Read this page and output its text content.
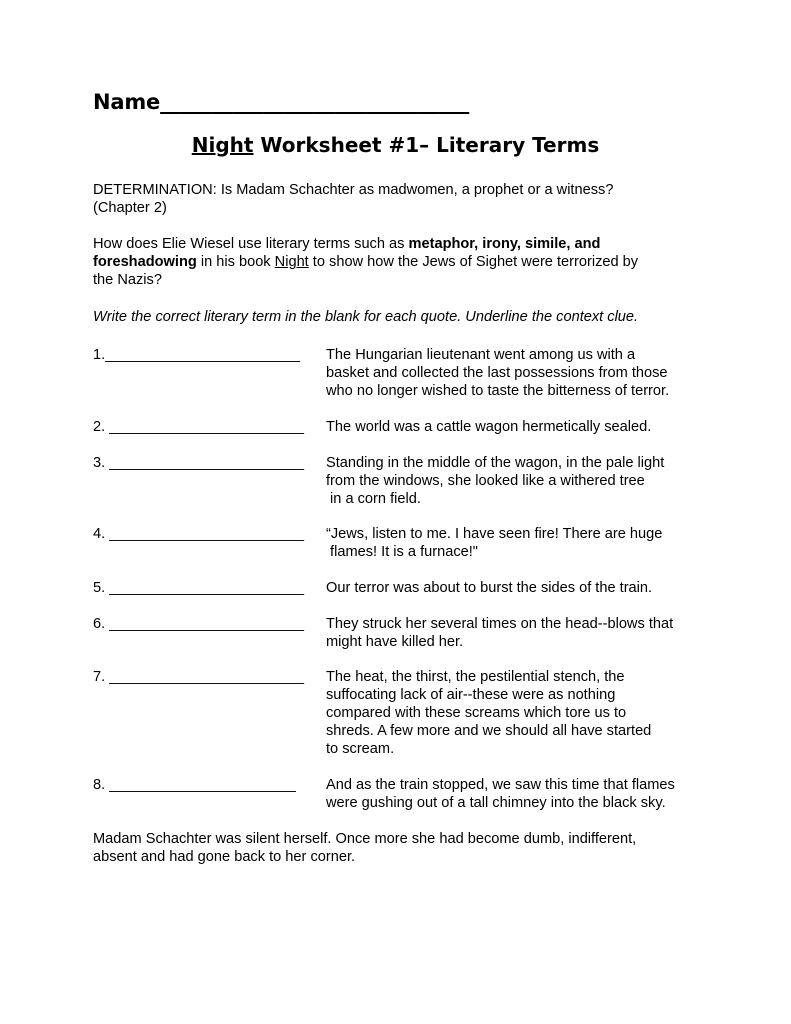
Name______________________________
Night Worksheet #1– Literary Terms
DETERMINATION: Is Madam Schachter as madwomen, a prophet or a witness?
(Chapter 2)
How does Elie Wiesel use literary terms such as metaphor, irony, simile, and
foreshadowing in his book Night to show how the Jews of Sighet were terrorized by
the Nazis?
Write the correct literary term in the blank for each quote. Underline the context clue.
1.________________________ The Hungarian lieutenant went among us with a
basket and collected the last possessions from those
who no longer wished to taste the bitterness of terror.
2. ________________________ The world was a cattle wagon hermetically sealed.
3. ________________________ Standing in the middle of the wagon, in the pale light
from the windows, she looked like a withered tree
in a corn field.
4. ________________________ “Jews, listen to me. I have seen fire! There are huge
flames! It is a furnace!"
5. ________________________ Our terror was about to burst the sides of the train.
6. ________________________ They struck her several times on the head--blows that
might have killed her.
7. ________________________ The heat, the thirst, the pestilential stench, the
suffocating lack of air--these were as nothing
compared with these screams which tore us to
shreds. A few more and we should all have started
to scream.
8. _______________________ And as the train stopped, we saw this time that flames
were gushing out of a tall chimney into the black sky.
Madam Schachter was silent herself. Once more she had become dumb, indifferent,
absent and had gone back to her corner.
